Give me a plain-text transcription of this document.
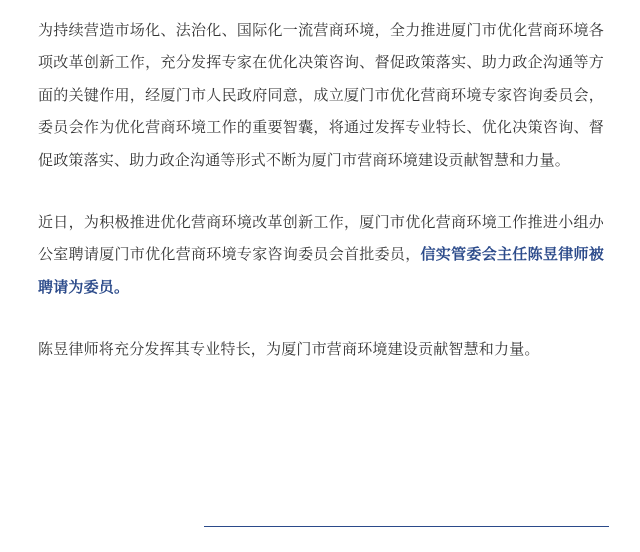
为持续营造市场化、法治化、国际化一流营商环境，全力推进厦门市优化营商环境各项改革创新工作，充分发挥专家在优化决策咨询、督促政策落实、助力政企沟通等方面的关键作用，经厦门市人民政府同意，成立厦门市优化营商环境专家咨询委员会，委员会作为优化营商环境工作的重要智囊，将通过发挥专业特长、优化决策咨询、督促政策落实、助力政企沟通等形式不断为厦门市营商环境建设贡献智慧和力量。

近日，为积极推进优化营商环境改革创新工作，厦门市优化营商环境工作推进小组办公室聘请厦门市优化营商环境专家咨询委员会首批委员，信实管委会主任陈昱律师被聘请为委员。

陈昱律师将充分发挥其专业特长，为厦门市营商环境建设贡献智慧和力量。
